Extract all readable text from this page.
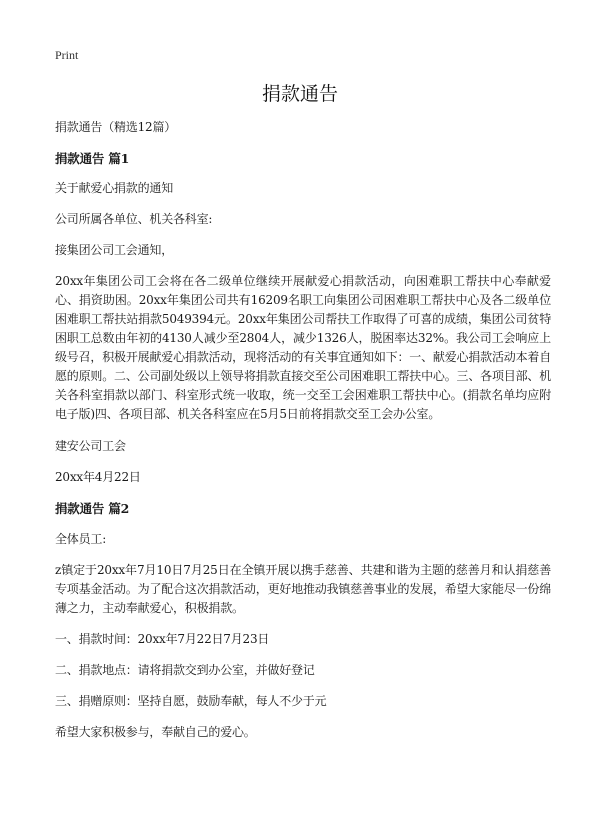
Print
捐款通告

捐款通告（精选12篇）

捐款通告 篇1

关于献爱心捐款的通知

公司所属各单位、机关各科室:

接集团公司工会通知，

20xx年集团公司工会将在各二级单位继续开展献爱心捐款活动，向困难职工帮扶中心奉献爱心、捐资助困。20xx年集团公司共有16209名职工向集团公司困难职工帮扶中心及各二级单位困难职工帮扶站捐款5049394元。20xx年集团公司帮扶工作取得了可喜的成绩，集团公司贫特困职工总数由年初的4130人减少至2804人，减少1326人，脱困率达32%。我公司工会响应上级号召，积极开展献爱心捐款活动，现将活动的有关事宜通知如下：一、献爱心捐款活动本着自愿的原则。二、公司副处级以上领导将捐款直接交至公司困难职工帮扶中心。三、各项目部、机关各科室捐款以部门、科室形式统一收取，统一交至工会困难职工帮扶中心。(捐款名单均应附电子版)四、各项目部、机关各科室应在5月5日前将捐款交至工会办公室。

建安公司工会

20xx年4月22日

捐款通告 篇2

全体员工:

z镇定于20xx年7月10日7月25日在全镇开展以携手慈善、共建和谐为主题的慈善月和认捐慈善专项基金活动。为了配合这次捐款活动，更好地推动我镇慈善事业的发展，希望大家能尽一份绵薄之力，主动奉献爱心，积极捐款。

一、捐款时间：20xx年7月22日7月23日

二、捐款地点：请将捐款交到办公室，并做好登记

三、捐赠原则：坚持自愿，鼓励奉献，每人不少于元

希望大家积极参与，奉献自己的爱心。
